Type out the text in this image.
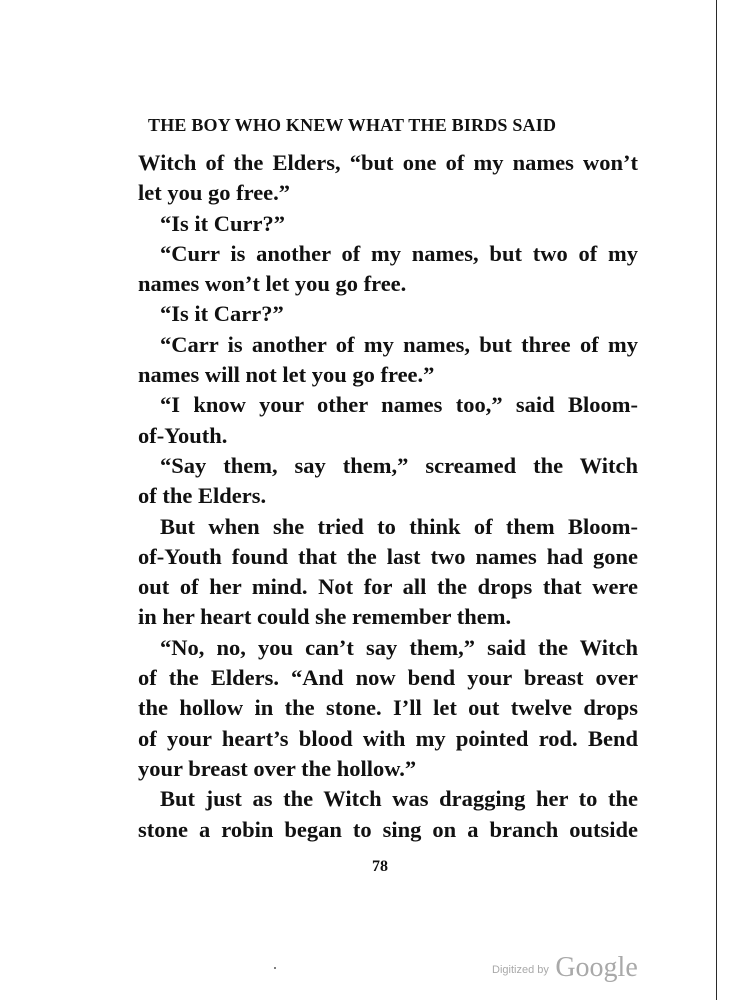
THE BOY WHO KNEW WHAT THE BIRDS SAID
Witch of the Elders, “but one of my names won’t
let you go free.”
“Is it Curr?”
“Curr is another of my names, but two of my
names won’t let you go free.
“Is it Carr?”
“Carr is another of my names, but three of my
names will not let you go free.”
“I know your other names too,” said Bloom-
of-Youth.
“Say them, say them,” screamed the Witch
of the Elders.
But when she tried to think of them Bloom-
of-Youth found that the last two names had gone
out of her mind. Not for all the drops that were
in her heart could she remember them.
“No, no, you can’t say them,” said the Witch
of the Elders. “And now bend your breast over
the hollow in the stone. I’ll let out twelve drops
of your heart’s blood with my pointed rod. Bend
your breast over the hollow.”
But just as the Witch was dragging her to the
stone a robin began to sing on a branch outside
78
Digitized by Google
